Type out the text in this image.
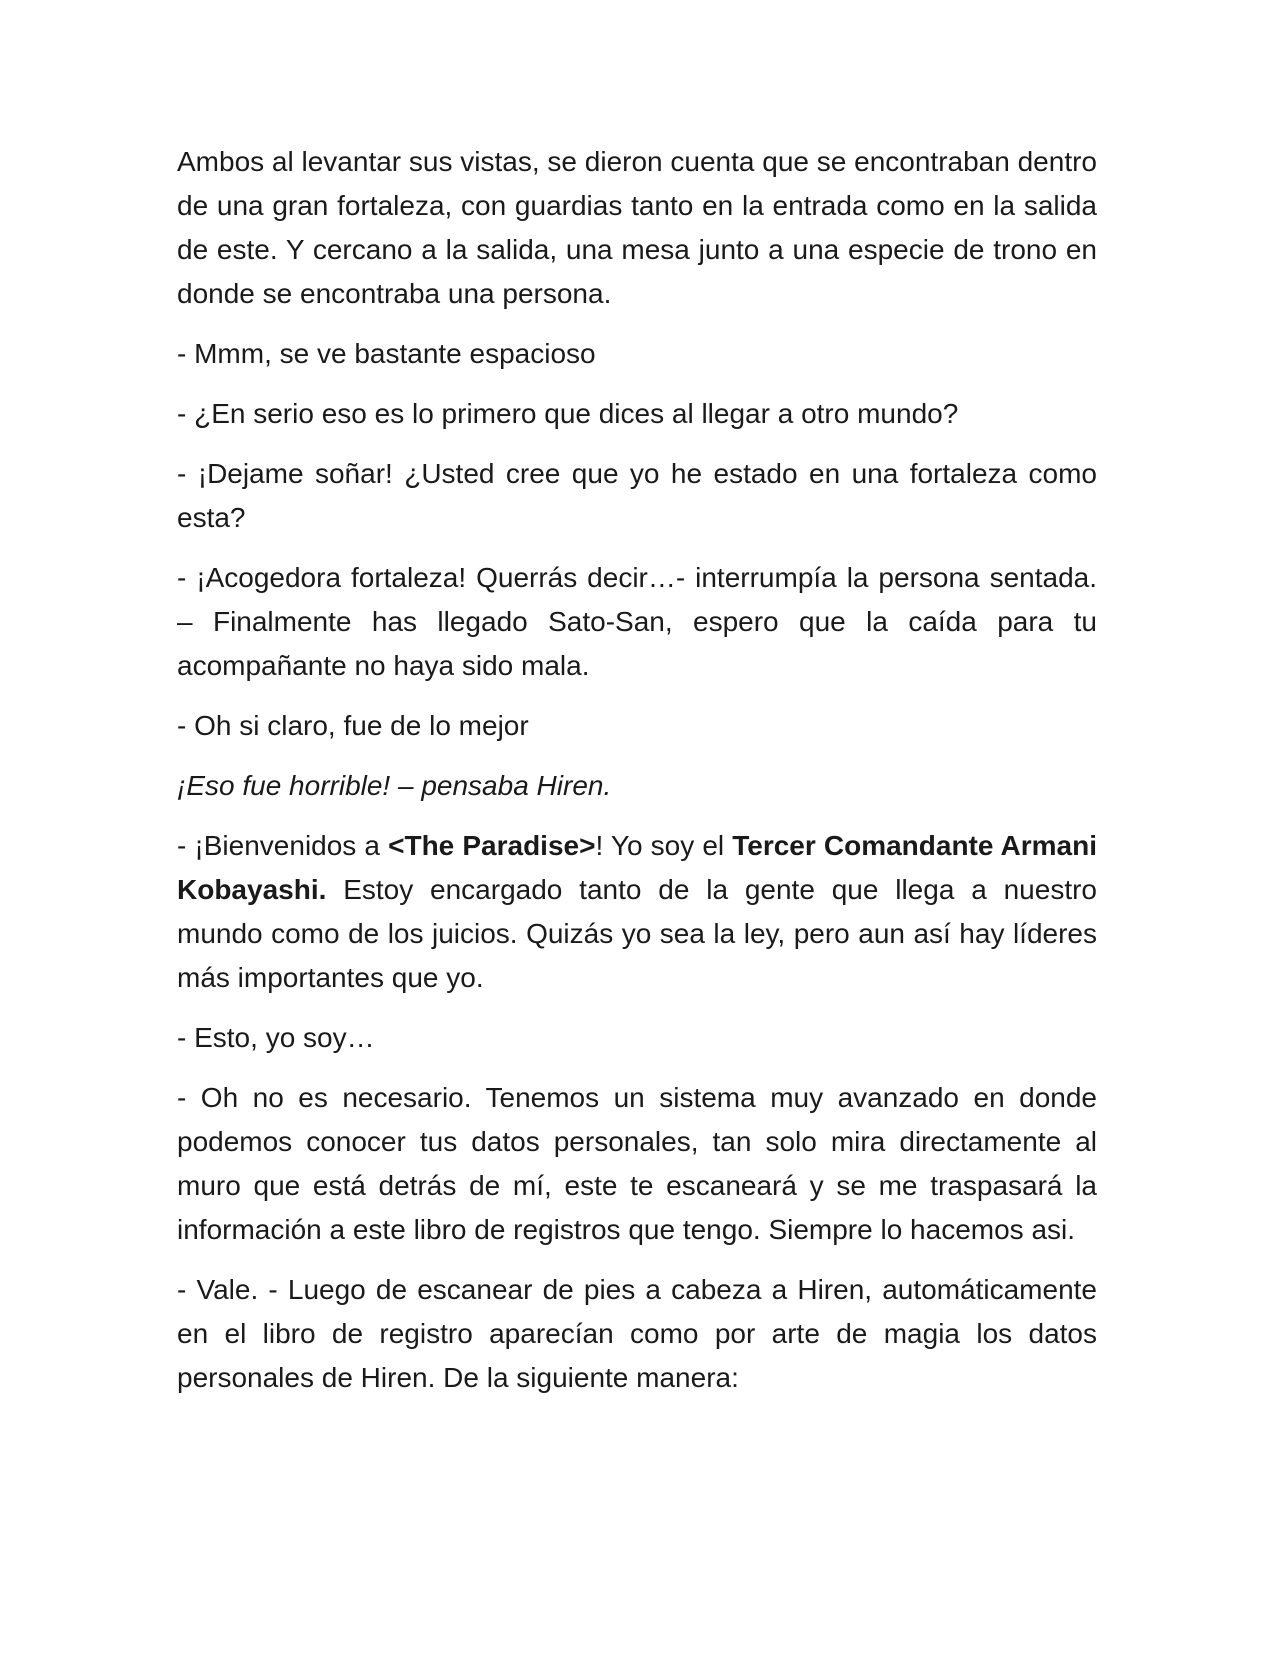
Ambos al levantar sus vistas, se dieron cuenta que se encontraban dentro de una gran fortaleza, con guardias tanto en la entrada como en la salida de este. Y cercano a la salida, una mesa junto a una especie de trono en donde se encontraba una persona.

- Mmm, se ve bastante espacioso

- ¿En serio eso es lo primero que dices al llegar a otro mundo?

- ¡Dejame soñar! ¿Usted cree que yo he estado en una fortaleza como esta?

- ¡Acogedora fortaleza! Querrás decir…- interrumpía la persona sentada. – Finalmente has llegado Sato-San, espero que la caída para tu acompañante no haya sido mala.

- Oh si claro, fue de lo mejor

¡Eso fue horrible! – pensaba Hiren.

- ¡Bienvenidos a <The Paradise>! Yo soy el Tercer Comandante Armani Kobayashi. Estoy encargado tanto de la gente que llega a nuestro mundo como de los juicios. Quizás yo sea la ley, pero aun así hay líderes más importantes que yo.

- Esto, yo soy…

- Oh no es necesario. Tenemos un sistema muy avanzado en donde podemos conocer tus datos personales, tan solo mira directamente al muro que está detrás de mí, este te escaneará y se me traspasará la información a este libro de registros que tengo. Siempre lo hacemos asi.

- Vale. - Luego de escanear de pies a cabeza a Hiren, automáticamente en el libro de registro aparecían como por arte de magia los datos personales de Hiren. De la siguiente manera:
